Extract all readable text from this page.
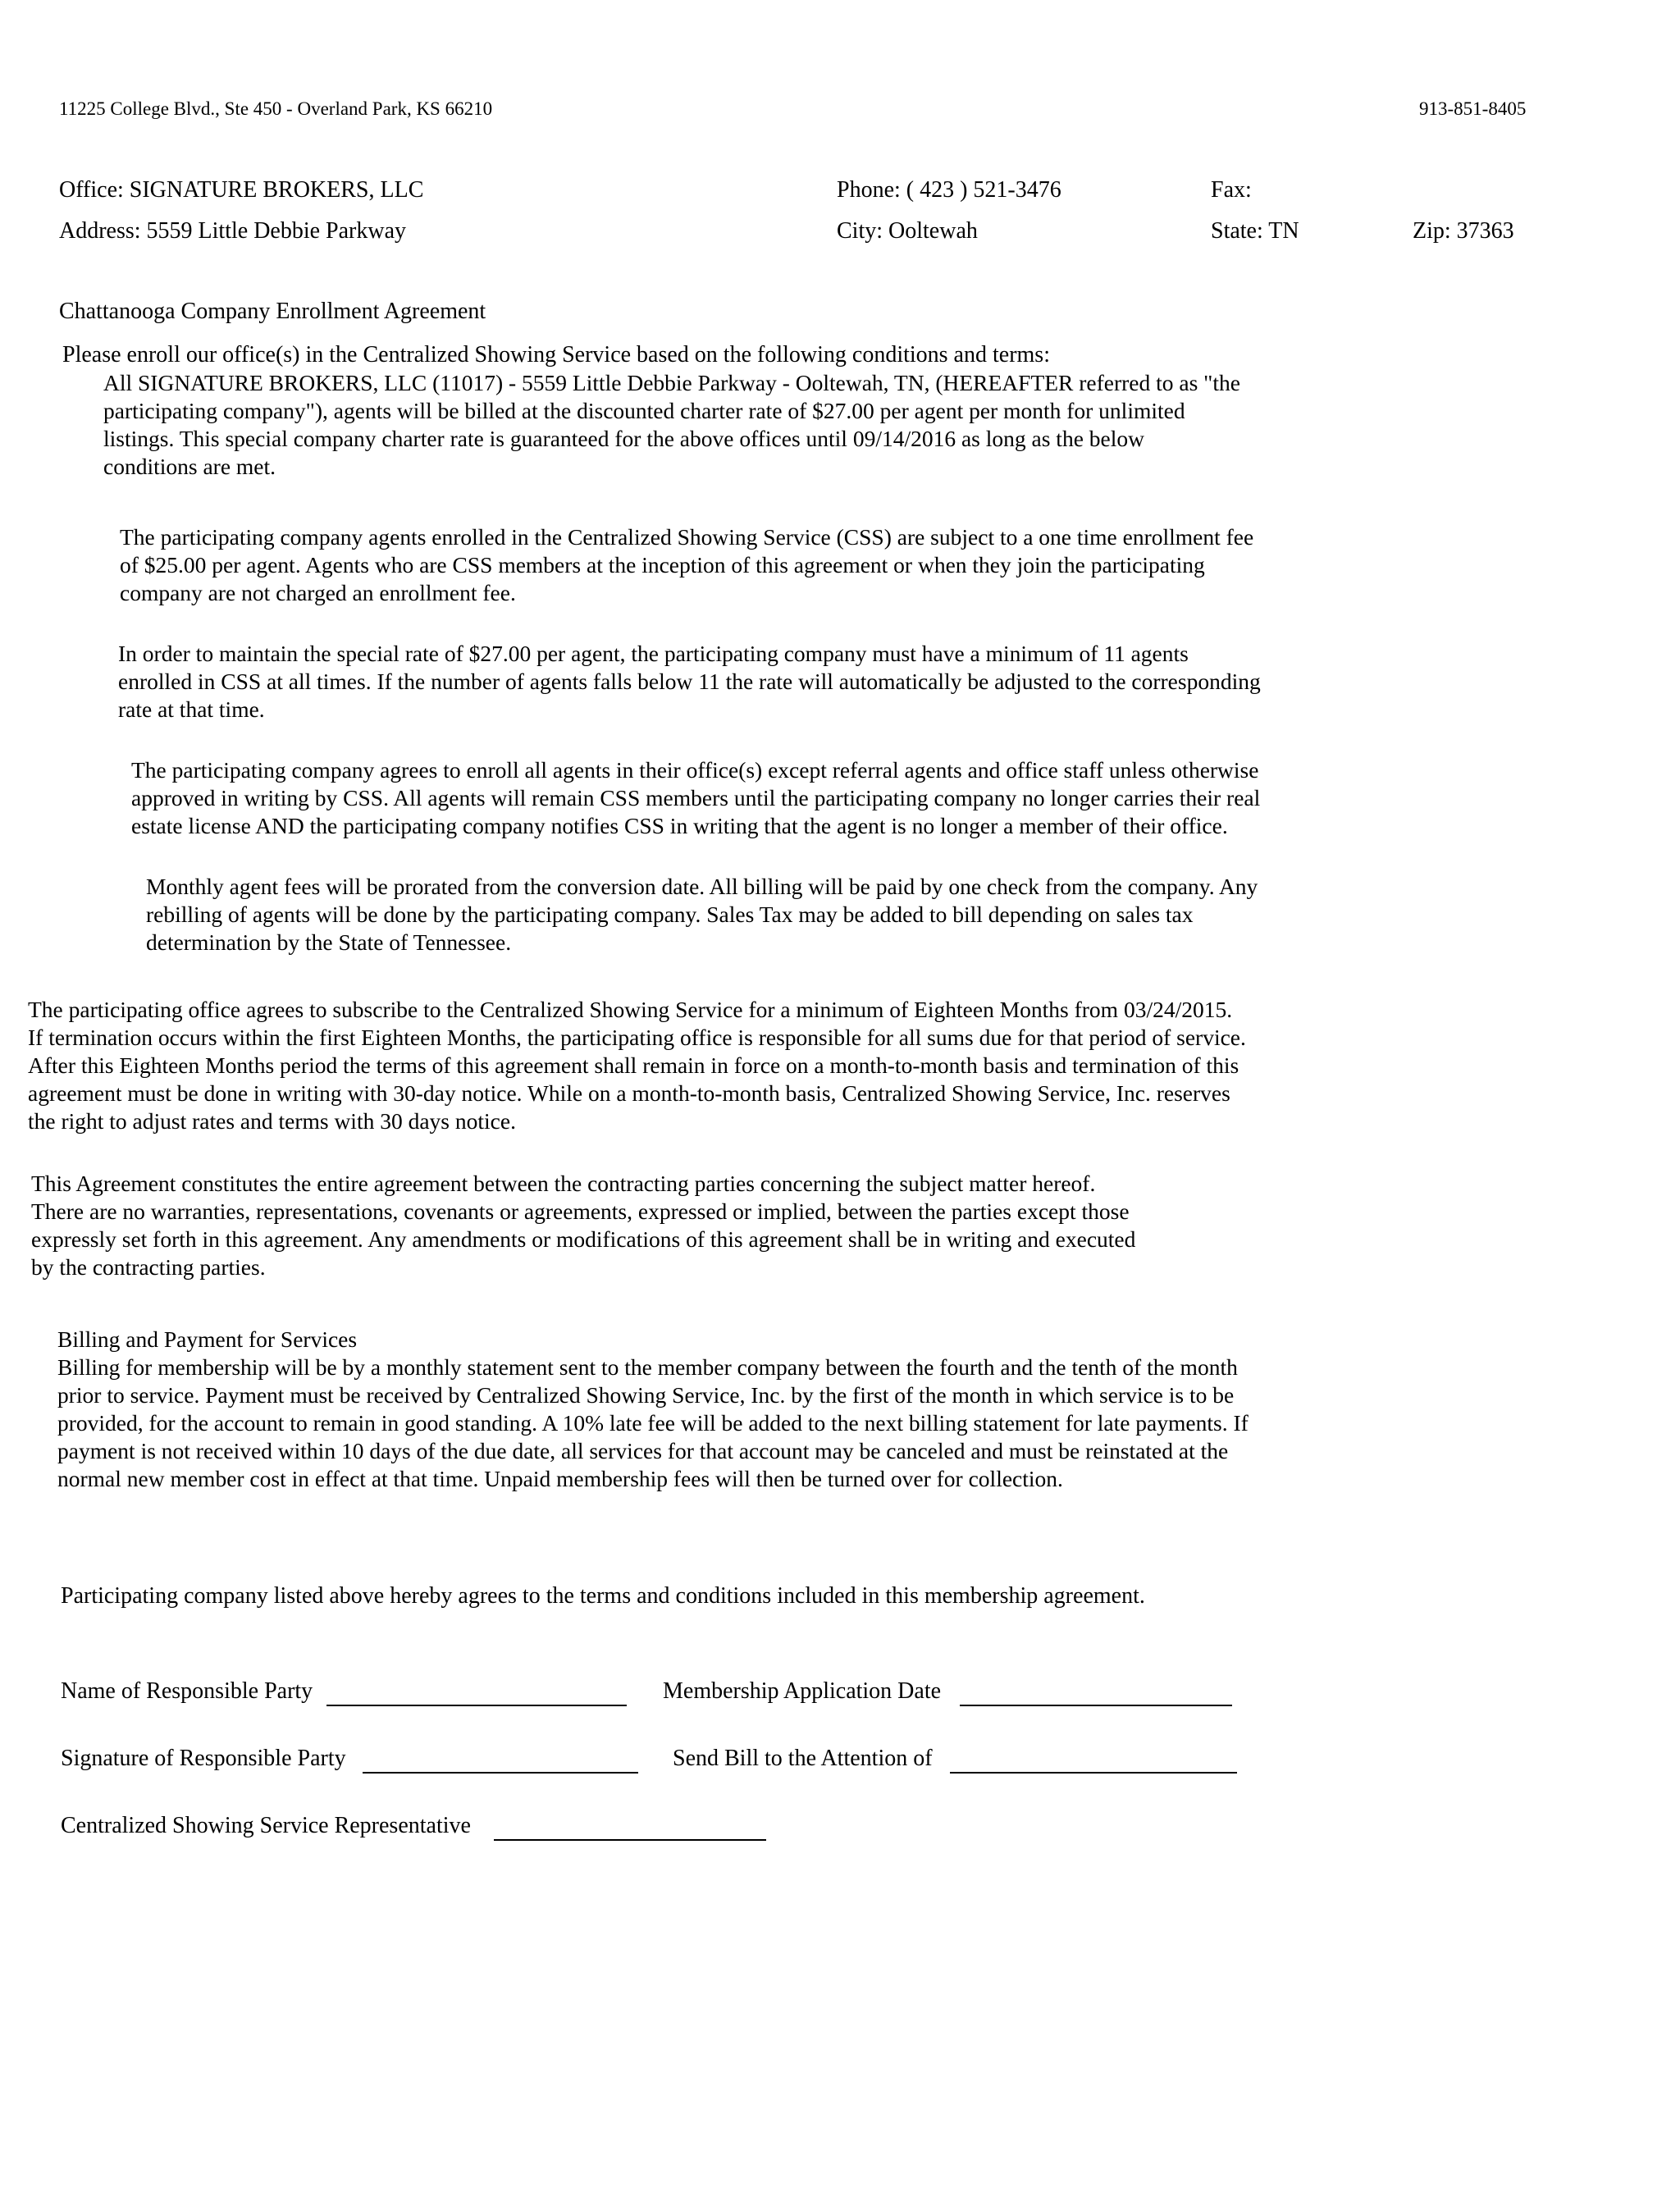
11225 College Blvd., Ste 450 - Overland Park, KS 66210	913-851-8405
Office: SIGNATURE BROKERS, LLC	Phone: ( 423 ) 521-3476	Fax:
Address: 5559 Little Debbie Parkway	City: Ooltewah	State: TN	Zip: 37363
Chattanooga Company Enrollment Agreement
Please enroll our office(s) in the Centralized Showing Service based on the following conditions and terms:
All SIGNATURE BROKERS, LLC (11017) - 5559 Little Debbie Parkway - Ooltewah, TN, (HEREAFTER referred to as "the
participating company"), agents will be billed at the discounted charter rate of $27.00 per agent per month for unlimited
listings. This special company charter rate is guaranteed for the above offices until 09/14/2016 as long as the below
conditions are met.
The participating company agents enrolled in the Centralized Showing Service (CSS) are subject to a one time enrollment fee
of $25.00 per agent. Agents who are CSS members at the inception of this agreement or when they join the participating
company are not charged an enrollment fee.
In order to maintain the special rate of $27.00 per agent, the participating company must have a minimum of 11 agents
enrolled in CSS at all times. If the number of agents falls below 11 the rate will automatically be adjusted to the corresponding
rate at that time.
The participating company agrees to enroll all agents in their office(s) except referral agents and office staff unless otherwise
approved in writing by CSS. All agents will remain CSS members until the participating company no longer carries their real
estate license AND the participating company notifies CSS in writing that the agent is no longer a member of their office.
Monthly agent fees will be prorated from the conversion date. All billing will be paid by one check from the company. Any
rebilling of agents will be done by the participating company. Sales Tax may be added to bill depending on sales tax
determination by the State of Tennessee.
The participating office agrees to subscribe to the Centralized Showing Service for a minimum of Eighteen Months from 03/24/2015.
If termination occurs within the first Eighteen Months, the participating office is responsible for all sums due for that period of service.
After this Eighteen Months period the terms of this agreement shall remain in force on a month-to-month basis and termination of this
agreement must be done in writing with 30-day notice. While on a month-to-month basis, Centralized Showing Service, Inc. reserves
the right to adjust rates and terms with 30 days notice.
This Agreement constitutes the entire agreement between the contracting parties concerning the subject matter hereof.
There are no warranties, representations, covenants or agreements, expressed or implied, between the parties except those
expressly set forth in this agreement. Any amendments or modifications of this agreement shall be in writing and executed
by the contracting parties.
Billing and Payment for Services
Billing for membership will be by a monthly statement sent to the member company between the fourth and the tenth of the month
prior to service. Payment must be received by Centralized Showing Service, Inc. by the first of the month in which service is to be
provided, for the account to remain in good standing. A 10% late fee will be added to the next billing statement for late payments. If
payment is not received within 10 days of the due date, all services for that account may be canceled and must be reinstated at the
normal new member cost in effect at that time. Unpaid membership fees will then be turned over for collection.
Participating company listed above hereby agrees to the terms and conditions included in this membership agreement.
Name of Responsible Party	Membership Application Date
Signature of Responsible Party	Send Bill to the Attention of
Centralized Showing Service Representative
